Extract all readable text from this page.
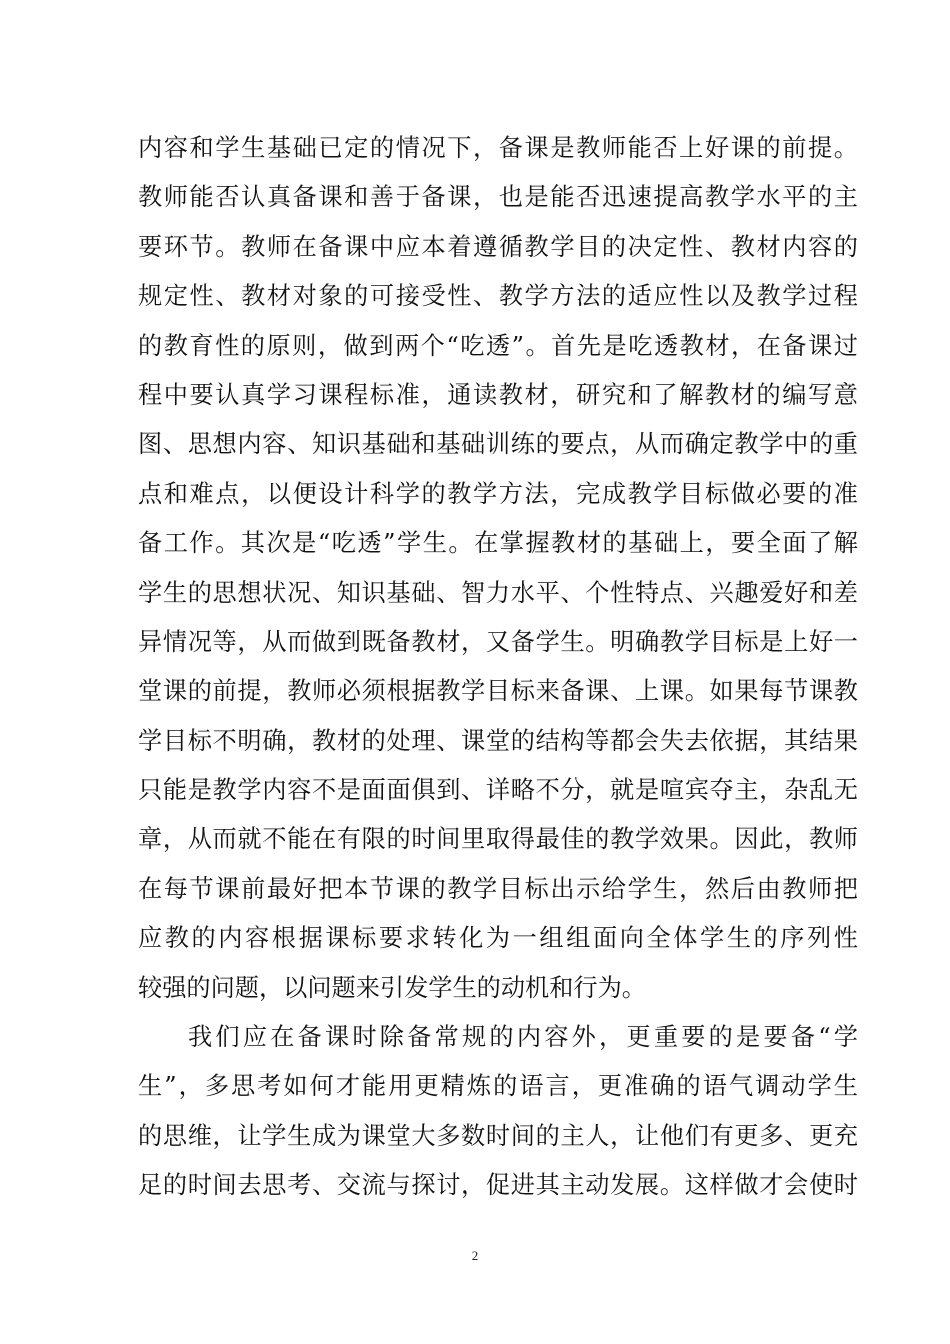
内容和学生基础已定的情况下，备课是教师能否上好课的前提。
教师能否认真备课和善于备课，也是能否迅速提高教学水平的主
要环节。教师在备课中应本着遵循教学目的决定性、教材内容的
规定性、教材对象的可接受性、教学方法的适应性以及教学过程
的教育性的原则，做到两个“吃透”。首先是吃透教材，在备课过
程中要认真学习课程标准，通读教材，研究和了解教材的编写意
图、思想内容、知识基础和基础训练的要点，从而确定教学中的重
点和难点，以便设计科学的教学方法，完成教学目标做必要的准
备工作。其次是“吃透”学生。在掌握教材的基础上，要全面了解
学生的思想状况、知识基础、智力水平、个性特点、兴趣爱好和差
异情况等，从而做到既备教材，又备学生。明确教学目标是上好一
堂课的前提，教师必须根据教学目标来备课、上课。如果每节课教
学目标不明确，教材的处理、课堂的结构等都会失去依据，其结果
只能是教学内容不是面面俱到、详略不分，就是喧宾夺主，杂乱无
章，从而就不能在有限的时间里取得最佳的教学效果。因此，教师
在每节课前最好把本节课的教学目标出示给学生，然后由教师把
应教的内容根据课标要求转化为一组组面向全体学生的序列性
较强的问题，以问题来引发学生的动机和行为。
我们应在备课时除备常规的内容外，更重要的是要备“学
生”，多思考如何才能用更精炼的语言，更准确的语气调动学生
的思维，让学生成为课堂大多数时间的主人，让他们有更多、更充
足的时间去思考、交流与探讨，促进其主动发展。这样做才会使时
2
